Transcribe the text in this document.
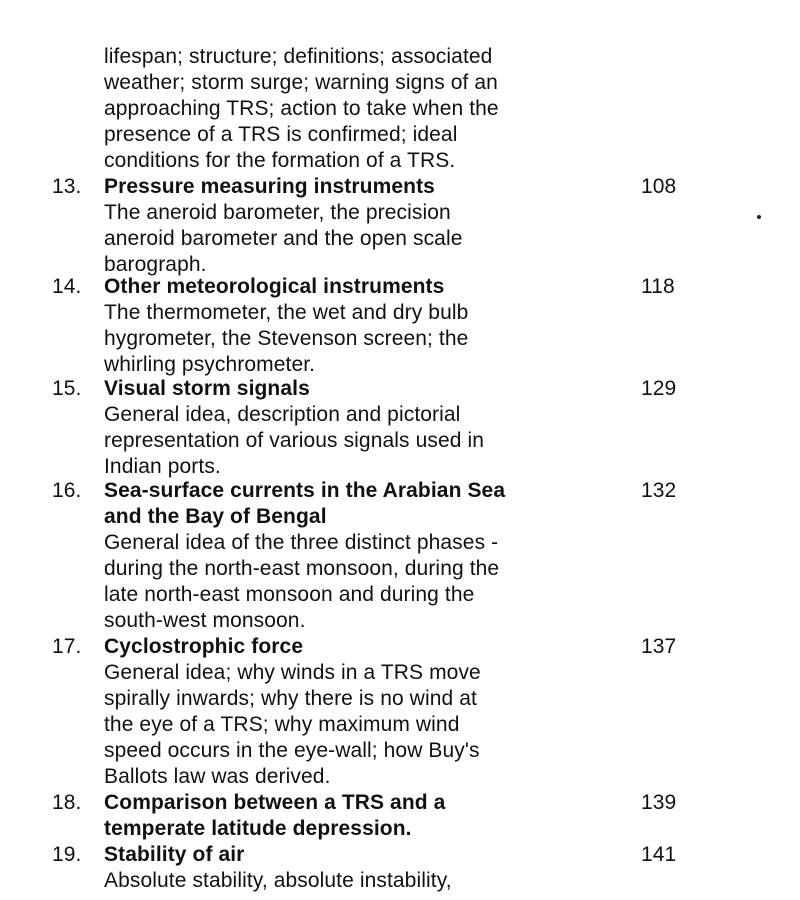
lifespan; structure; definitions; associated
weather; storm surge; warning signs of an
approaching TRS; action to take when the
presence of a TRS is confirmed; ideal
conditions for the formation of a TRS.
13. Pressure measuring instruments	108
The aneroid barometer, the precision
aneroid barometer and the open scale
barograph.
14. Other meteorological instruments	118
The thermometer, the wet and dry bulb
hygrometer, the Stevenson screen; the
whirling psychrometer.
15. Visual storm signals	129
General idea, description and pictorial
representation of various signals used in
Indian ports.
16. Sea-surface currents in the Arabian Sea	132
and the Bay of Bengal
General idea of the three distinct phases -
during the north-east monsoon, during the
late north-east monsoon and during the
south-west monsoon.
17. Cyclostrophic force	137
General idea; why winds in a TRS move
spirally inwards; why there is no wind at
the eye of a TRS; why maximum wind
speed occurs in the eye-wall; how Buy's
Ballots law was derived.
18. Comparison between a TRS and a	139
temperate latitude depression.
19. Stability of air	141
Absolute stability, absolute instability,
